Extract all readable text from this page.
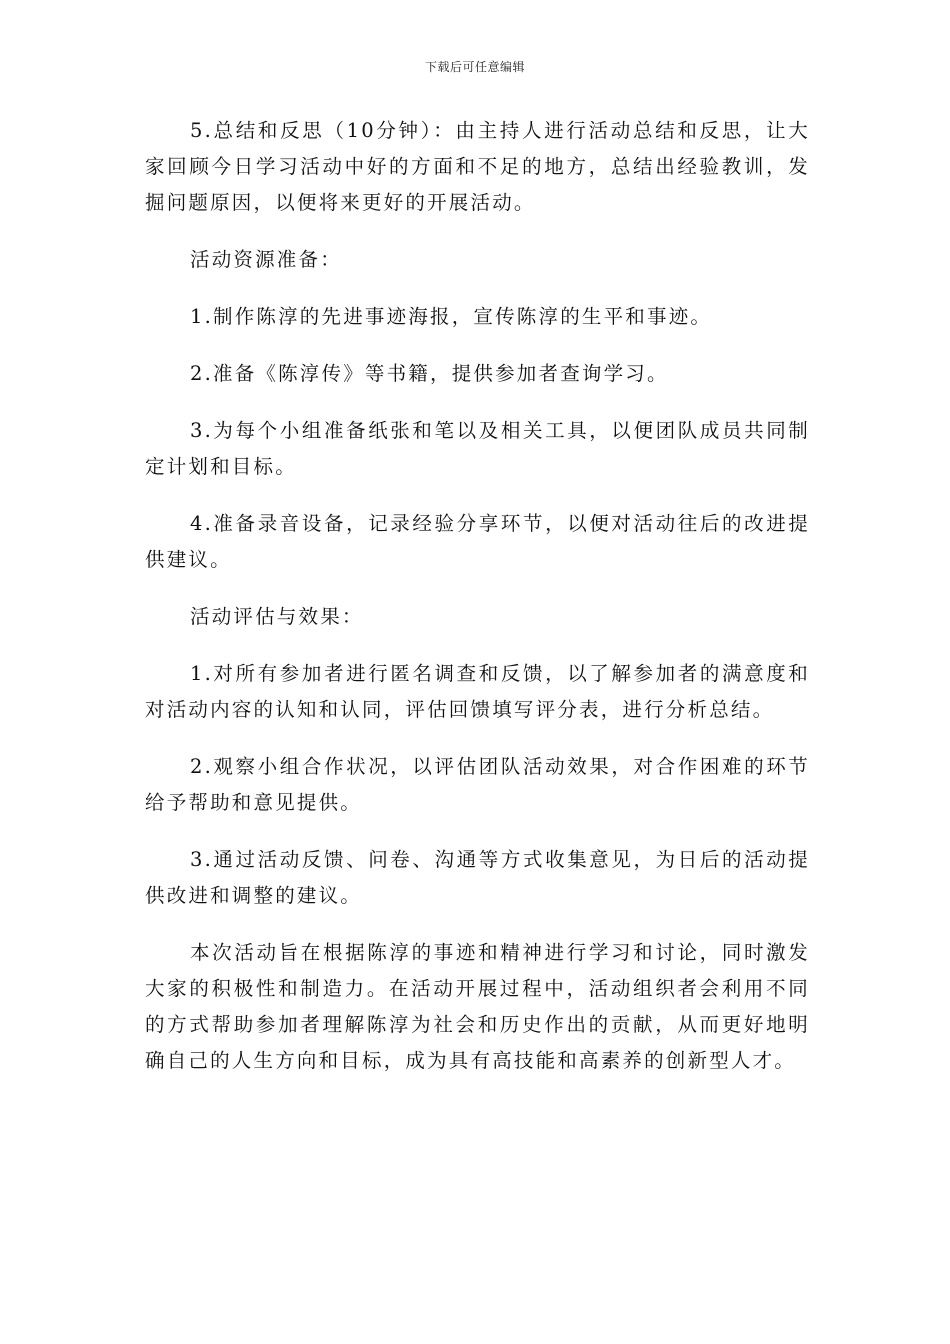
下载后可任意编辑

5.总结和反思（10分钟）：由主持人进行活动总结和反思，让大家回顾今日学习活动中好的方面和不足的地方，总结出经验教训，发掘问题原因，以便将来更好的开展活动。

活动资源准备：

1.制作陈淳的先进事迹海报，宣传陈淳的生平和事迹。

2.准备《陈淳传》等书籍，提供参加者查询学习。

3.为每个小组准备纸张和笔以及相关工具，以便团队成员共同制定计划和目标。

4.准备录音设备，记录经验分享环节，以便对活动往后的改进提供建议。

活动评估与效果：

1.对所有参加者进行匿名调查和反馈，以了解参加者的满意度和对活动内容的认知和认同，评估回馈填写评分表，进行分析总结。

2.观察小组合作状况，以评估团队活动效果，对合作困难的环节给予帮助和意见提供。

3.通过活动反馈、问卷、沟通等方式收集意见，为日后的活动提供改进和调整的建议。

本次活动旨在根据陈淳的事迹和精神进行学习和讨论，同时激发大家的积极性和制造力。在活动开展过程中，活动组织者会利用不同的方式帮助参加者理解陈淳为社会和历史作出的贡献，从而更好地明确自己的人生方向和目标，成为具有高技能和高素养的创新型人才。
